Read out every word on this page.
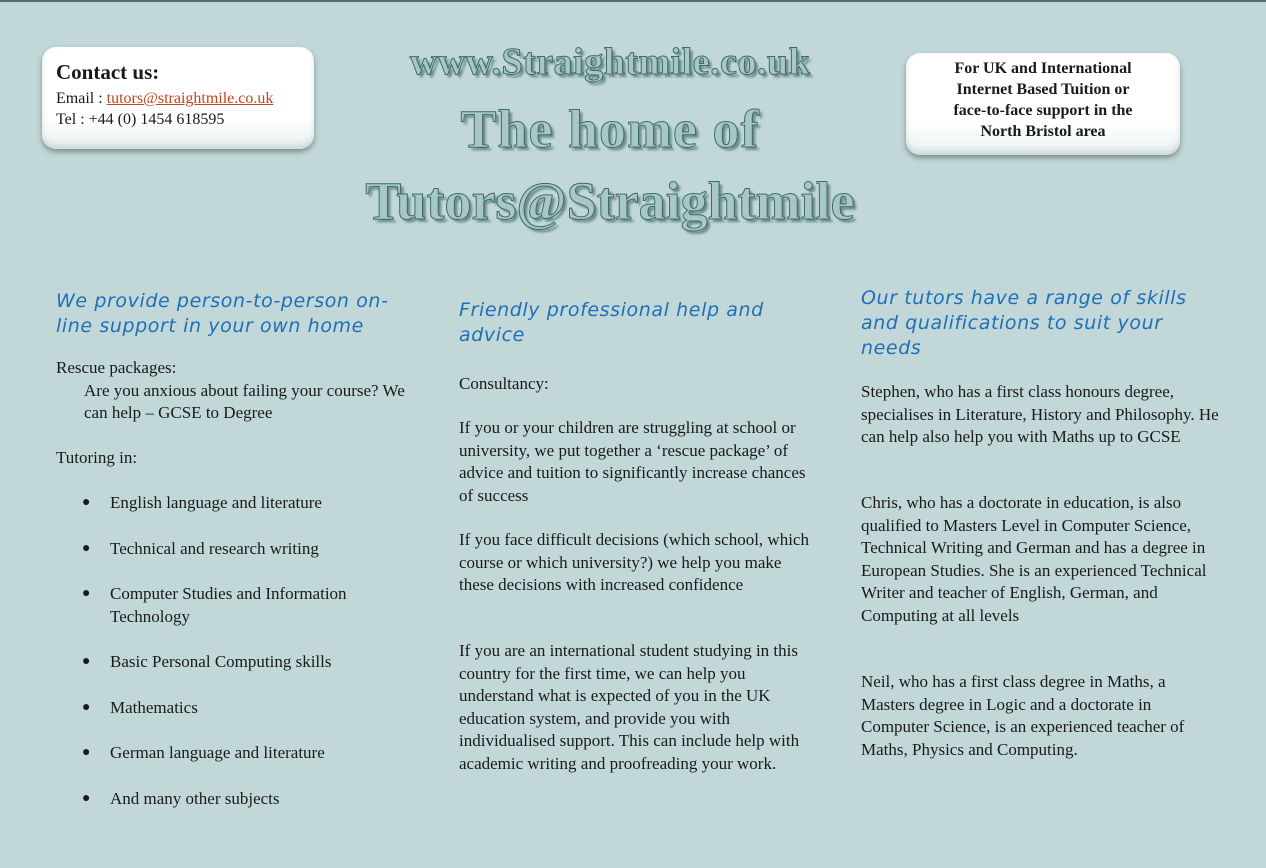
Contact us:
Email : tutors@straightmile.co.uk
Tel : +44 (0) 1454 618595
For UK and International
Internet Based Tuition or
face-to-face support in the
North Bristol area
www.Straightmile.co.uk
The home of
Tutors@Straightmile
We provide person-to-person on-line support in your own home
Rescue packages:
Are you anxious about failing your course? We can help – GCSE to Degree
Tutoring in:
● English language and literature
● Technical and research writing
● Computer Studies and Information Technology
● Basic Personal Computing skills
● Mathematics
● German language and literature
● And many other subjects
Friendly professional help and advice
Consultancy:
If you or your children are struggling at school or university, we put together a ‘rescue package’ of advice and tuition to significantly increase chances of success
If you face difficult decisions (which school, which course or which university?) we help you make these decisions with increased confidence
If you are an international student studying in this country for the first time, we can help you understand what is expected of you in the UK education system, and provide you with individualised support. This can include help with academic writing and proofreading your work.
Our tutors have a range of skills and qualifications to suit your needs
Stephen, who has a first class honours degree, specialises in Literature, History and Philosophy. He can help also help you with Maths up to GCSE
Chris, who has a doctorate in education, is also qualified to Masters Level in Computer Science, Technical Writing and German and has a degree in European Studies. She is an experienced Technical Writer and teacher of English, German, and Computing at all levels
Neil, who has a first class degree in Maths, a Masters degree in Logic and a doctorate in Computer Science, is an experienced teacher of Maths, Physics and Computing.
